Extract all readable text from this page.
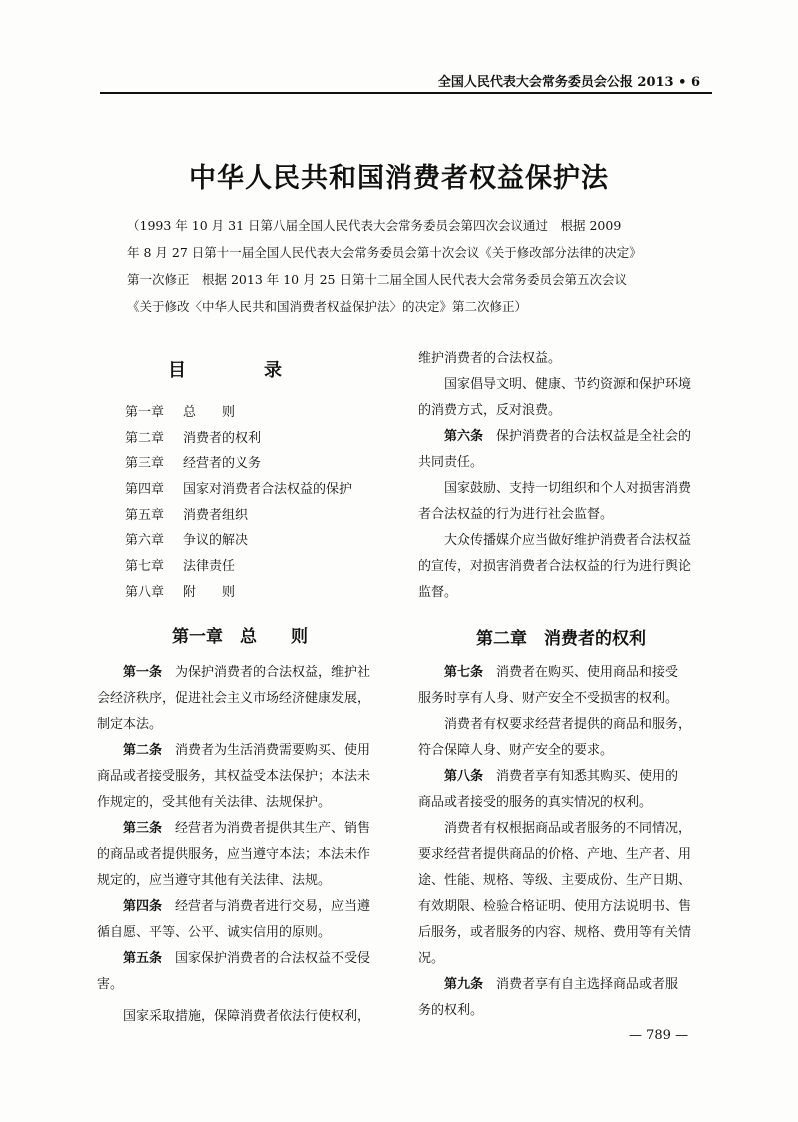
全国人民代表大会常务委员会公报 2013 • 6
中华人民共和国消费者权益保护法
（1993 年 10 月 31 日第八届全国人民代表大会常务委员会第四次会议通过　根据 2009
年 8 月 27 日第十一届全国人民代表大会常务委员会第十次会议《关于修改部分法律的决定》
第一次修正　根据 2013 年 10 月 25 日第十二届全国人民代表大会常务委员会第五次会议
《关于修改〈中华人民共和国消费者权益保护法〉的决定》第二次修正）
目　录
第一章 总　　则
第二章 消费者的权利
第三章 经营者的义务
第四章 国家对消费者合法权益的保护
第五章 消费者组织
第六章 争议的解决
第七章 法律责任
第八章 附　　则
第一章　总　　则
第一条　 为保护消费者的合法权益，维护社
会经济秩序，促进社会主义市场经济健康发展，
制定本法。
第二条　 消费者为生活消费需要购买、使用
商品或者接受服务，其权益受本法保护；本法未
作规定的，受其他有关法律、法规保护。
第三条　 经营者为消费者提供其生产、销售
的商品或者提供服务，应当遵守本法；本法未作
规定的，应当遵守其他有关法律、法规。
第四条　 经营者与消费者进行交易，应当遵
循自愿、平等、公平、诚实信用的原则。
第五条　 国家保护消费者的合法权益不受侵
害。
国家采取措施，保障消费者依法行使权利，
维护消费者的合法权益。
国家倡导文明、健康、节约资源和保护环境
的消费方式，反对浪费。
第六条　 保护消费者的合法权益是全社会的
共同责任。
国家鼓励、支持一切组织和个人对损害消费
者合法权益的行为进行社会监督。
大众传播媒介应当做好维护消费者合法权益
的宣传，对损害消费者合法权益的行为进行舆论
监督。
第二章　消费者的权利
第七条　 消费者在购买、使用商品和接受
服务时享有人身、财产安全不受损害的权利。
消费者有权要求经营者提供的商品和服务，
符合保障人身、财产安全的要求。
第八条　 消费者享有知悉其购买、使用的
商品或者接受的服务的真实情况的权利。
消费者有权根据商品或者服务的不同情况，
要求经营者提供商品的价格、产地、生产者、用
途、性能、规格、等级、主要成份、生产日期、
有效期限、检验合格证明、使用方法说明书、售
后服务，或者服务的内容、规格、费用等有关情
况。
第九条　 消费者享有自主选择商品或者服
务的权利。
— 789 —
